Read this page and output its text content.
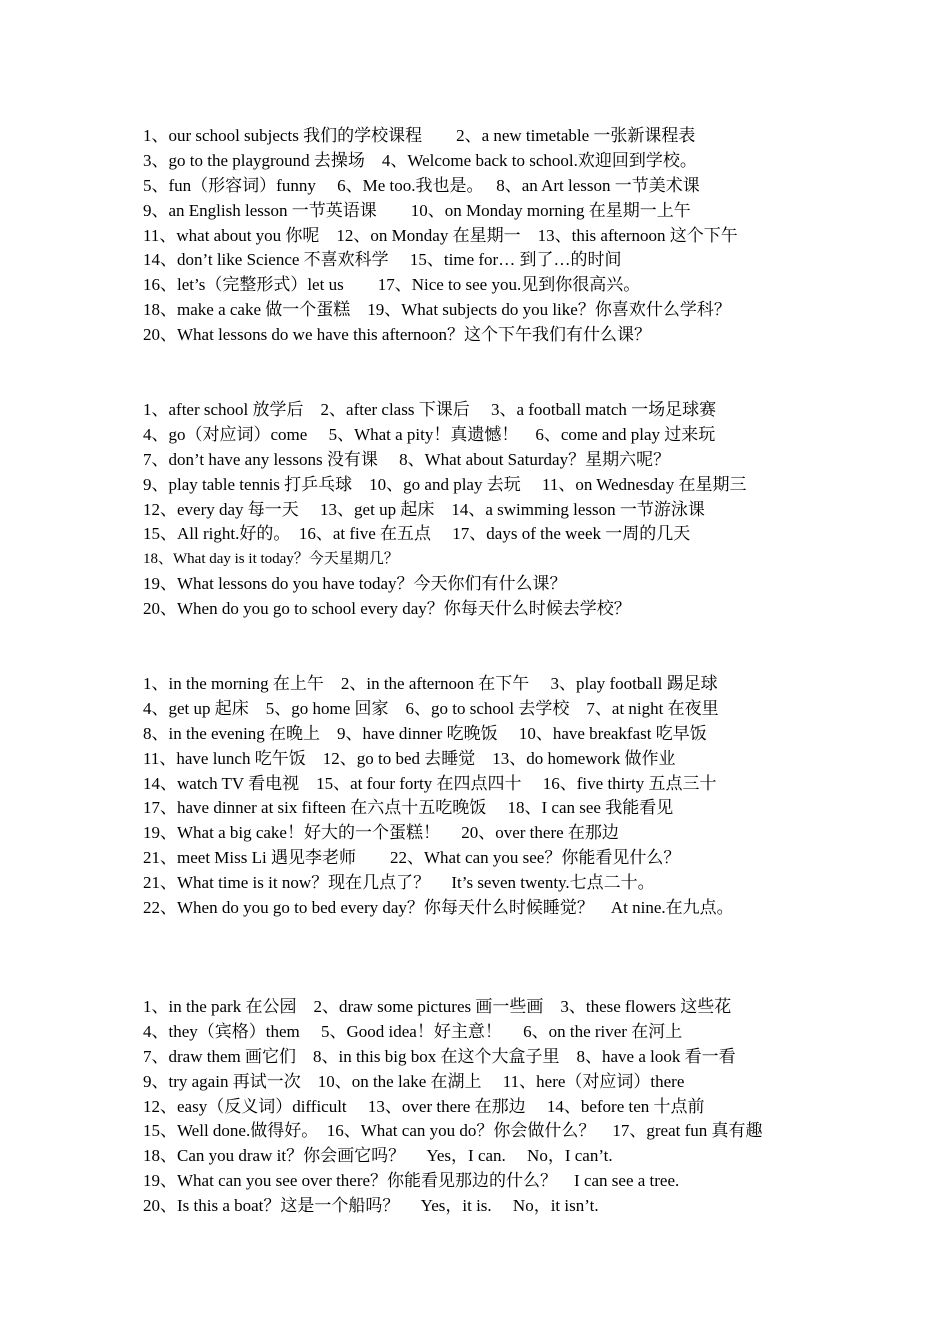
1、our school subjects 我们的学校课程　　2、a new timetable 一张新课程表
3、go to the playground 去操场　4、Welcome back to school.欢迎回到学校。
5、fun（形容词）funny　 6、Me too.我也是。　 8、an Art lesson 一节美术课
9、an English lesson 一节英语课　　10、on Monday morning 在星期一上午
11、what about you 你呢　12、on Monday 在星期一　13、this afternoon 这个下午
14、don’t like Science 不喜欢科学　 15、time for… 到了…的时间
16、let’s（完整形式）let us　　17、Nice to see you.见到你很高兴。
18、make a cake 做一个蛋糕　19、What subjects do you like？你喜欢什么学科？
20、What lessons do we have this afternoon？这个下午我们有什么课？
1、after school 放学后　2、after class 下课后　 3、a football match 一场足球赛
4、go（对应词）come　 5、What a pity！真遗憾！　6、come and play 过来玩
7、don’t have any lessons 没有课　 8、What about Saturday？星期六呢？
9、play table tennis 打乒乓球　10、go and play 去玩　 11、on Wednesday 在星期三
12、every day 每一天　 13、get up 起床　14、a swimming lesson 一节游泳课
15、All right.好的。　16、at five 在五点　 17、days of the week 一周的几天
18、What day is it today？今天星期几？
19、What lessons do you have today？今天你们有什么课？
20、When do you go to school every day？你每天什么时候去学校？
1、in the morning 在上午　2、in the afternoon 在下午　 3、play football 踢足球
4、get up 起床　5、go home 回家　6、go to school 去学校　7、at night 在夜里
8、in the evening 在晚上　9、have dinner 吃晚饭　 10、have breakfast 吃早饭
11、have lunch 吃午饭　12、go to bed 去睡觉　13、do homework 做作业
14、watch TV 看电视　15、at four forty 在四点四十　 16、five thirty 五点三十
17、have dinner at six fifteen 在六点十五吃晚饭　 18、I can see 我能看见
19、What a big cake！好大的一个蛋糕！　 20、over there 在那边
21、meet Miss Li 遇见李老师　　22、What can you see？你能看见什么？
21、What time is it now？现在几点了？　 It’s seven twenty.七点二十。
22、When do you go to bed every day？你每天什么时候睡觉？　At nine.在九点。
1、in the park 在公园　2、draw some pictures 画一些画　3、these flowers 这些花
4、they（宾格）them　 5、Good idea！好主意！　 6、on the river 在河上
7、draw them 画它们　8、in this big box 在这个大盒子里　8、have a look 看一看
9、try again 再试一次　10、on the lake 在湖上　 11、here（对应词）there
12、easy（反义词）difficult　 13、over there 在那边　 14、before ten 十点前
15、Well done.做得好。　16、What can you do？你会做什么？　17、great fun 真有趣
18、Can you draw it？你会画它吗？　 Yes，I can.　 No，I can’t.
19、What can you see over there？你能看见那边的什么？　I can see a tree.
20、Is this a boat？这是一个船吗？　 Yes，it is.　 No，it isn’t.
